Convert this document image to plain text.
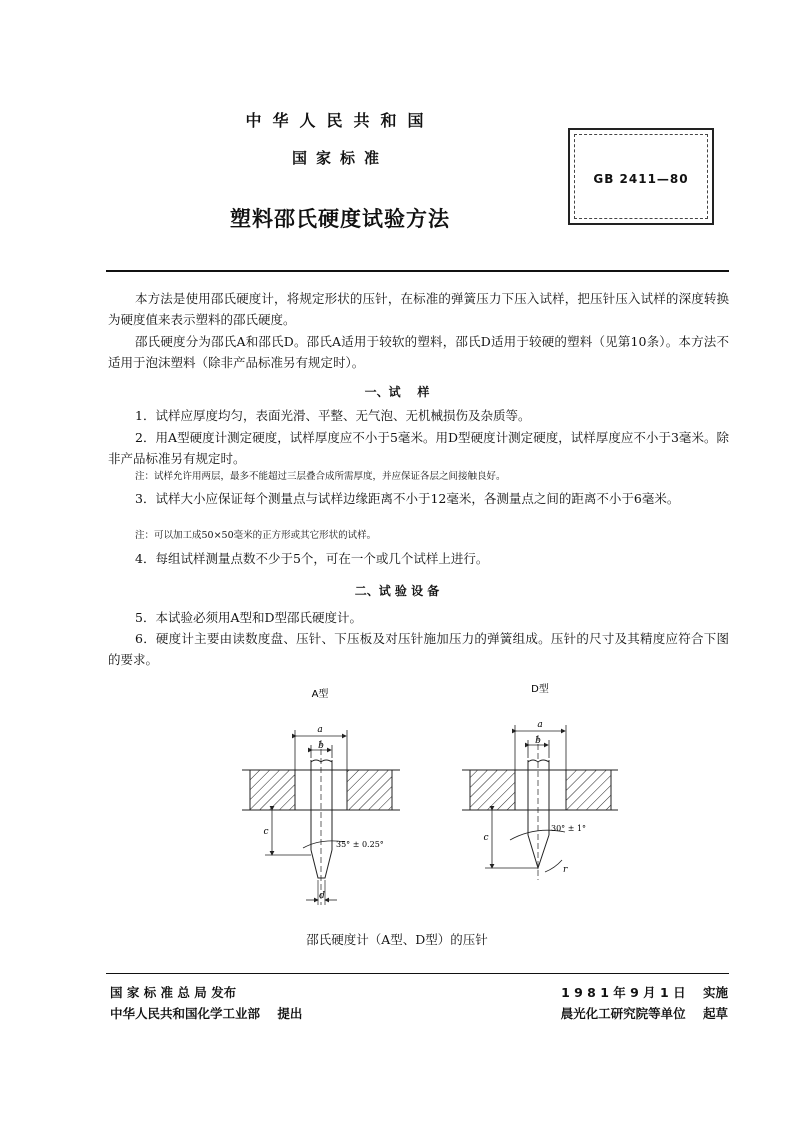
中华人民共和国
国家标准
塑料邵氏硬度试验方法
GB 2411—80

本方法是使用邵氏硬度计，将规定形状的压针，在标准的弹簧压力下压入试样，把压针压入试样的深度转换为硬度值来表示塑料的邵氏硬度。

邵氏硬度分为邵氏A和邵氏D。邵氏A适用于较软的塑料，邵氏D适用于较硬的塑料（见第10条）。本方法不适用于泡沫塑料（除非产品标准另有规定时）。

一、试    样

1．试样应厚度均匀，表面光滑、平整、无气泡、无机械损伤及杂质等。

2．用A型硬度计测定硬度，试样厚度应不小于5毫米。用D型硬度计测定硬度，试样厚度应不小于3毫米。除非产品标准另有规定时。

注：试样允许用两层，最多不能超过三层叠合成所需厚度，并应保证各层之间接触良好。

3．试样大小应保证每个测量点与试样边缘距离不小于12毫米，各测量点之间的距离不小于6毫米。

注：可以加工成50×50毫米的正方形或其它形状的试样。

4．每组试样测量点数不少于5个，可在一个或几个试样上进行。

二、试 验 设 备

5．本试验必须用A型和D型邵氏硬度计。

6．硬度计主要由读数度盘、压针、下压板及对压针施加压力的弹簧组成。压针的尺寸及其精度应符合下图的要求。

A型	D型
a
b
c
d
35° ± 0.25°
a
b
c
r
30° ± 1°
邵氏硬度计（A型、D型）的压针
国 家 标 准 总 局 发布
中华人民共和国化学工业部    提出
1 9 8 1 年 9 月 1 日    实施
晨光化工研究院等单位    起草
